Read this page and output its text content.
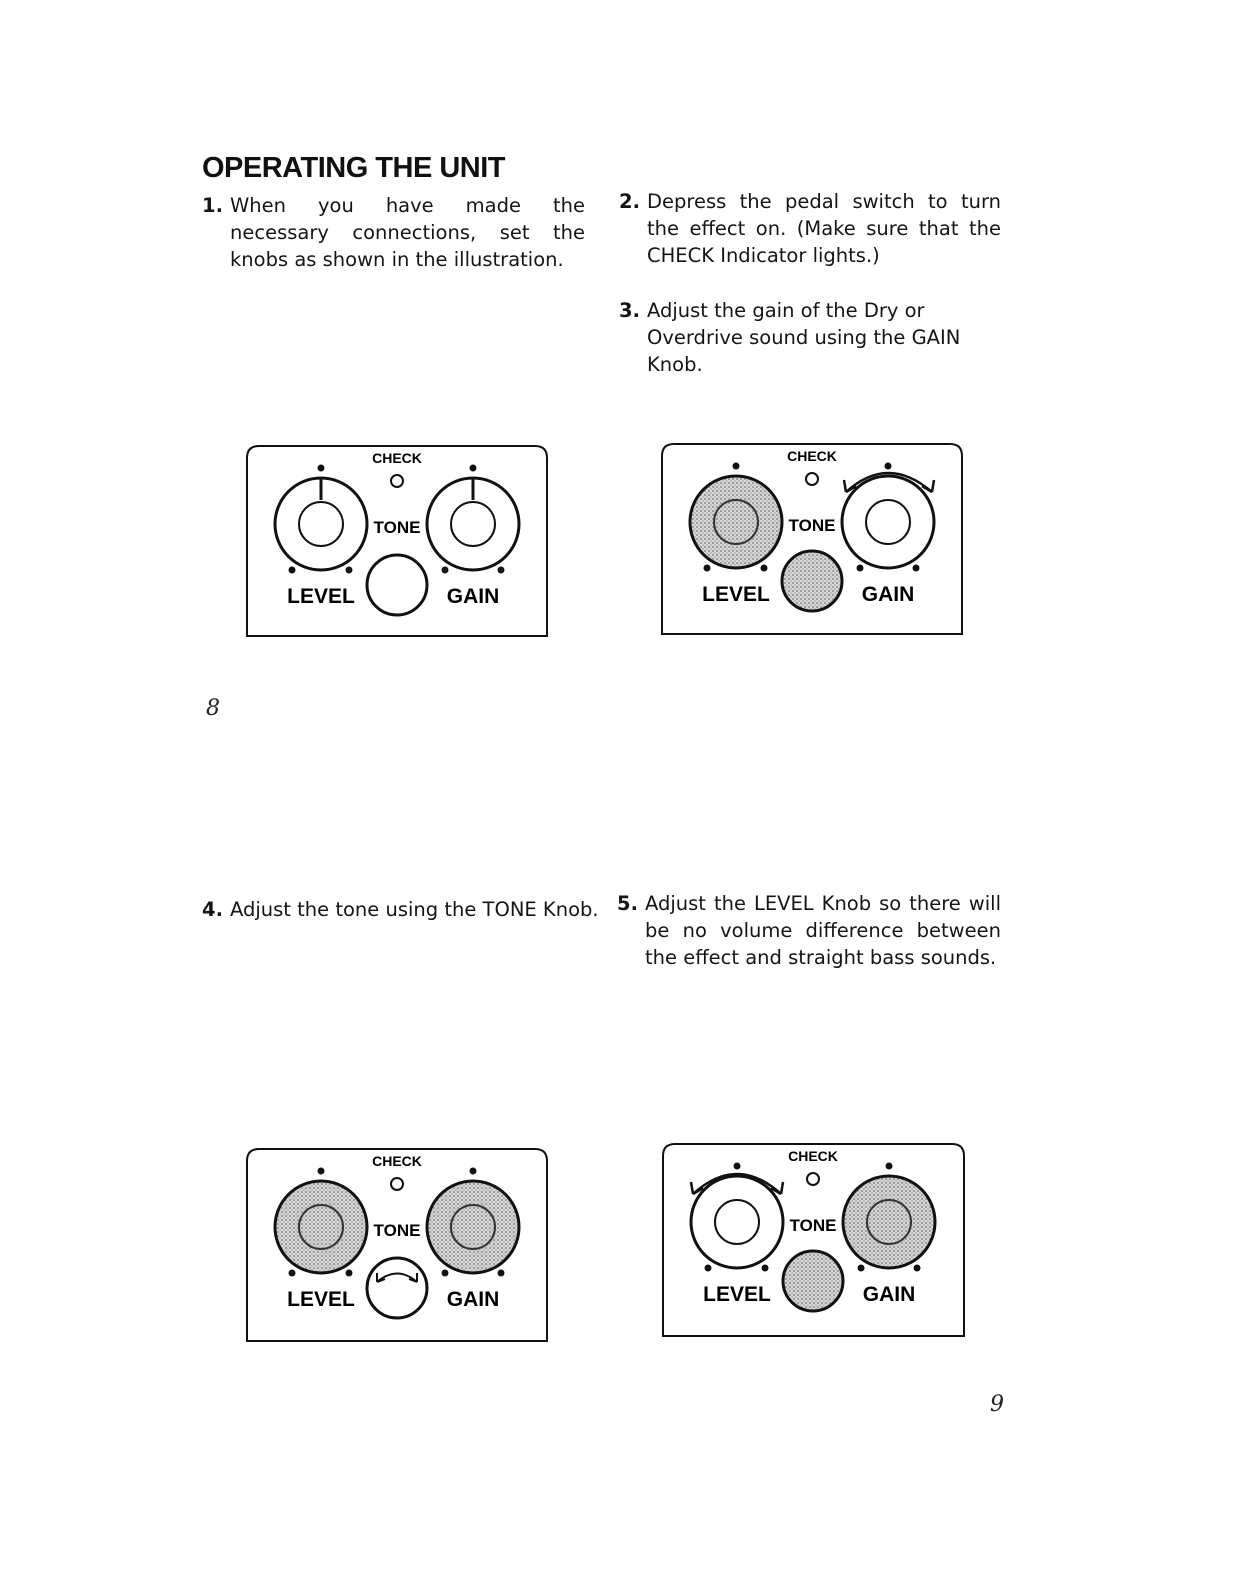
OPERATING THE UNIT
1. When you have made the necessary connections, set the knobs as shown in the illustration.
2. Depress the pedal switch to turn the effect on. (Make sure that the CHECK Indicator lights.)
3. Adjust the gain of the Dry or Overdrive sound using the GAIN Knob.
4. Adjust the tone using the TONE Knob. 5. Adjust the LEVEL Knob so there will be no volume difference between the effect and straight bass sounds.
8
9
CHECK
TONE
LEVEL	GAIN
CHECK
TONE
LEVEL	GAIN
CHECK
TONE
LEVEL	GAIN
CHECK
TONE
LEVEL	GAIN
